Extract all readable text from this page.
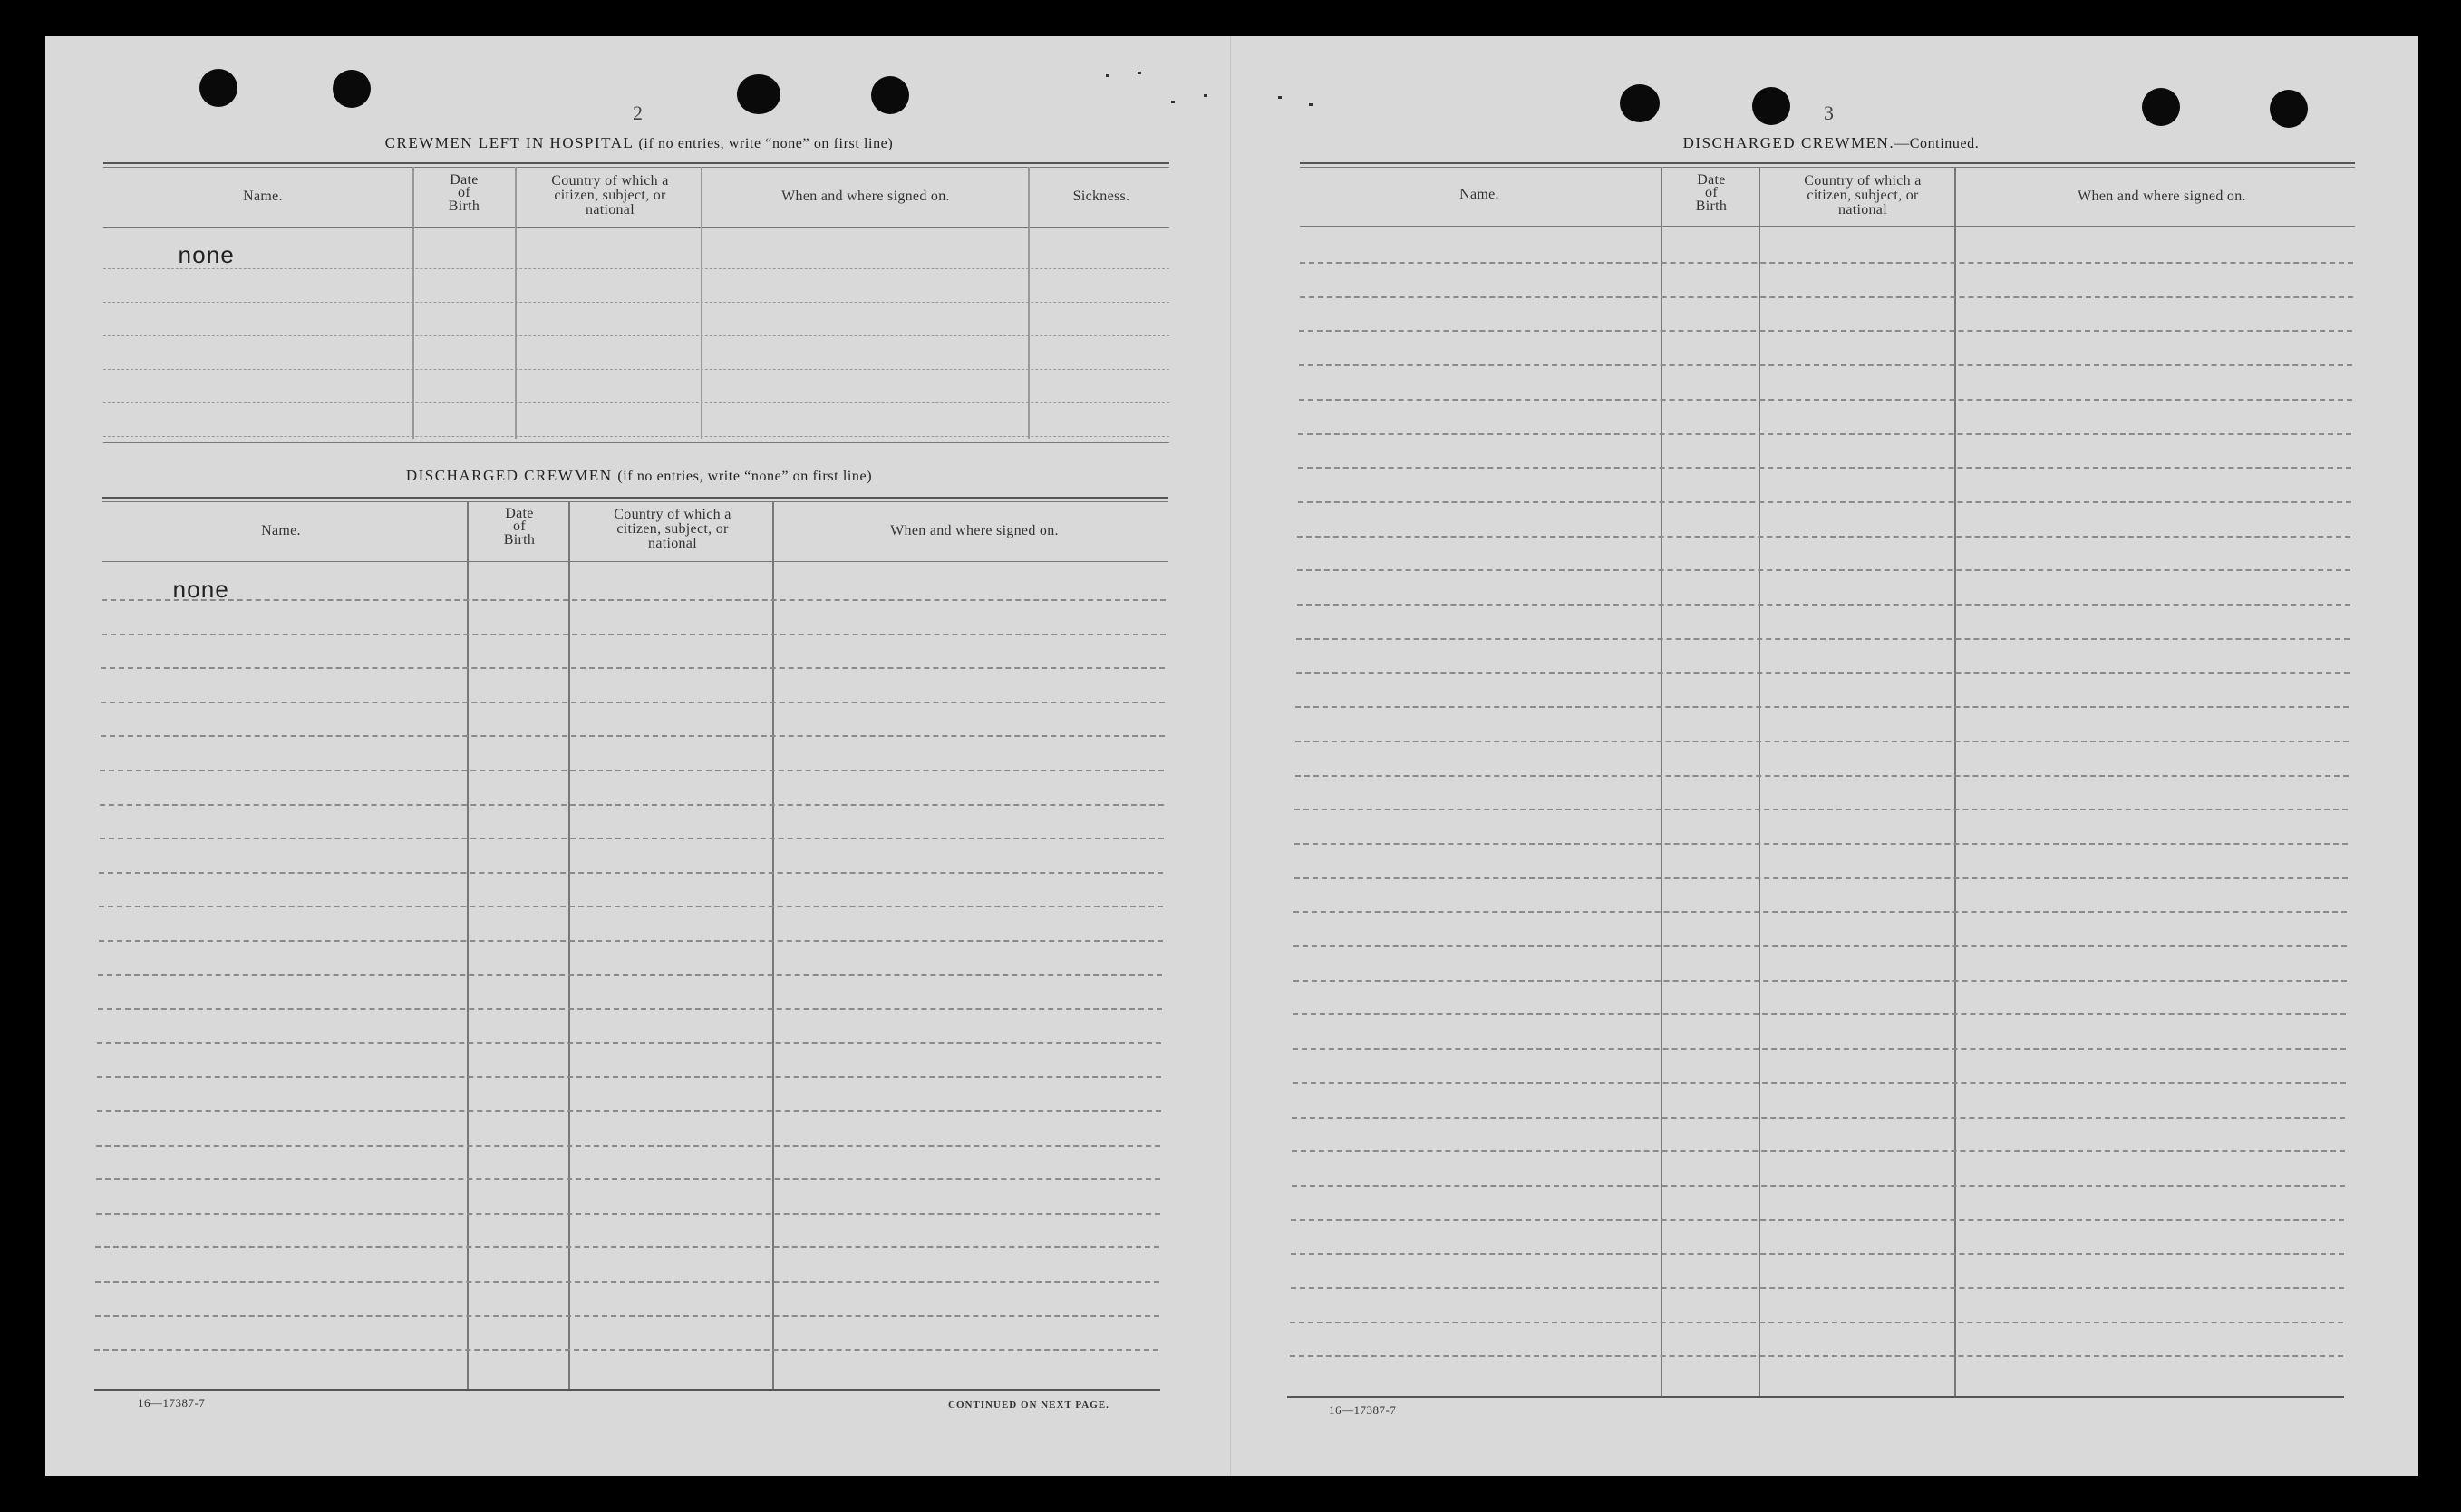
2
CREWMEN LEFT IN HOSPITAL (if no entries, write “none” on first line)
Name.
Date
of
Birth
Country of which a
citizen, subject, or
national
When and where signed on.	Sickness.
none
DISCHARGED CREWMEN (if no entries, write “none” on first line)
Name.
Date
of
Birth
Country of which a
citizen, subject, or
national
When and where signed on.
none
16—17387-7	CONTINUED ON NEXT PAGE.
3
DISCHARGED CREWMEN.—Continued.
Name.
Date
of
Birth
Country of which a
citizen, subject, or
national
When and where signed on.
16—17387-7
